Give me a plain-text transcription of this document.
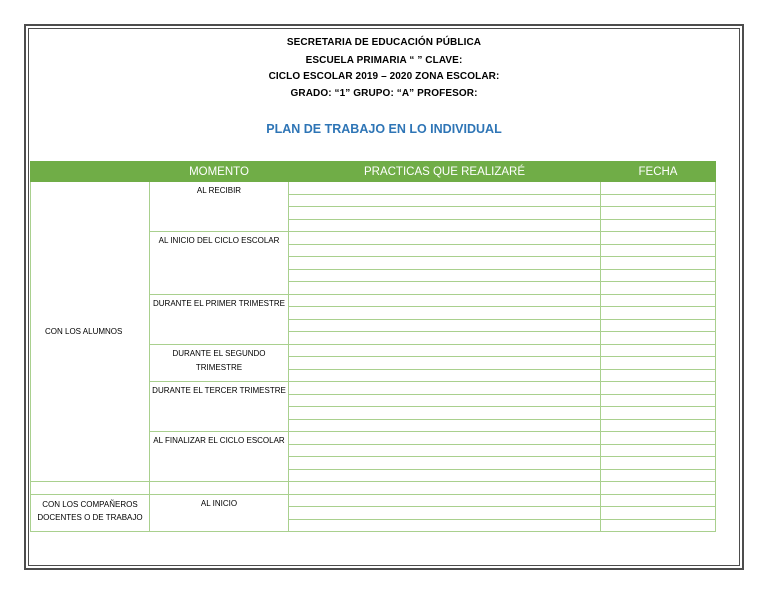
SECRETARIA DE EDUCACIÓN PÚBLICA
ESCUELA PRIMARIA “ ” CLAVE:
CICLO ESCOLAR 2019 – 2020 ZONA ESCOLAR:
GRADO: “1” GRUPO: “A” PROFESOR:
PLAN DE TRABAJO EN LO INDIVIDUAL
	MOMENTO	PRACTICAS QUE REALIZARÉ	FECHA

CON LOS ALUMNOS	AL RECIBIR		

	AL INICIO DEL CICLO ESCOLAR		

	DURANTE EL PRIMER TRIMESTRE		

	DURANTE EL SEGUNDO TRIMESTRE		

	DURANTE EL TERCER TRIMESTRE		

	AL FINALIZAR EL CICLO ESCOLAR		

CON LOS COMPAÑEROS DOCENTES O DE TRABAJO	AL INICIO		
